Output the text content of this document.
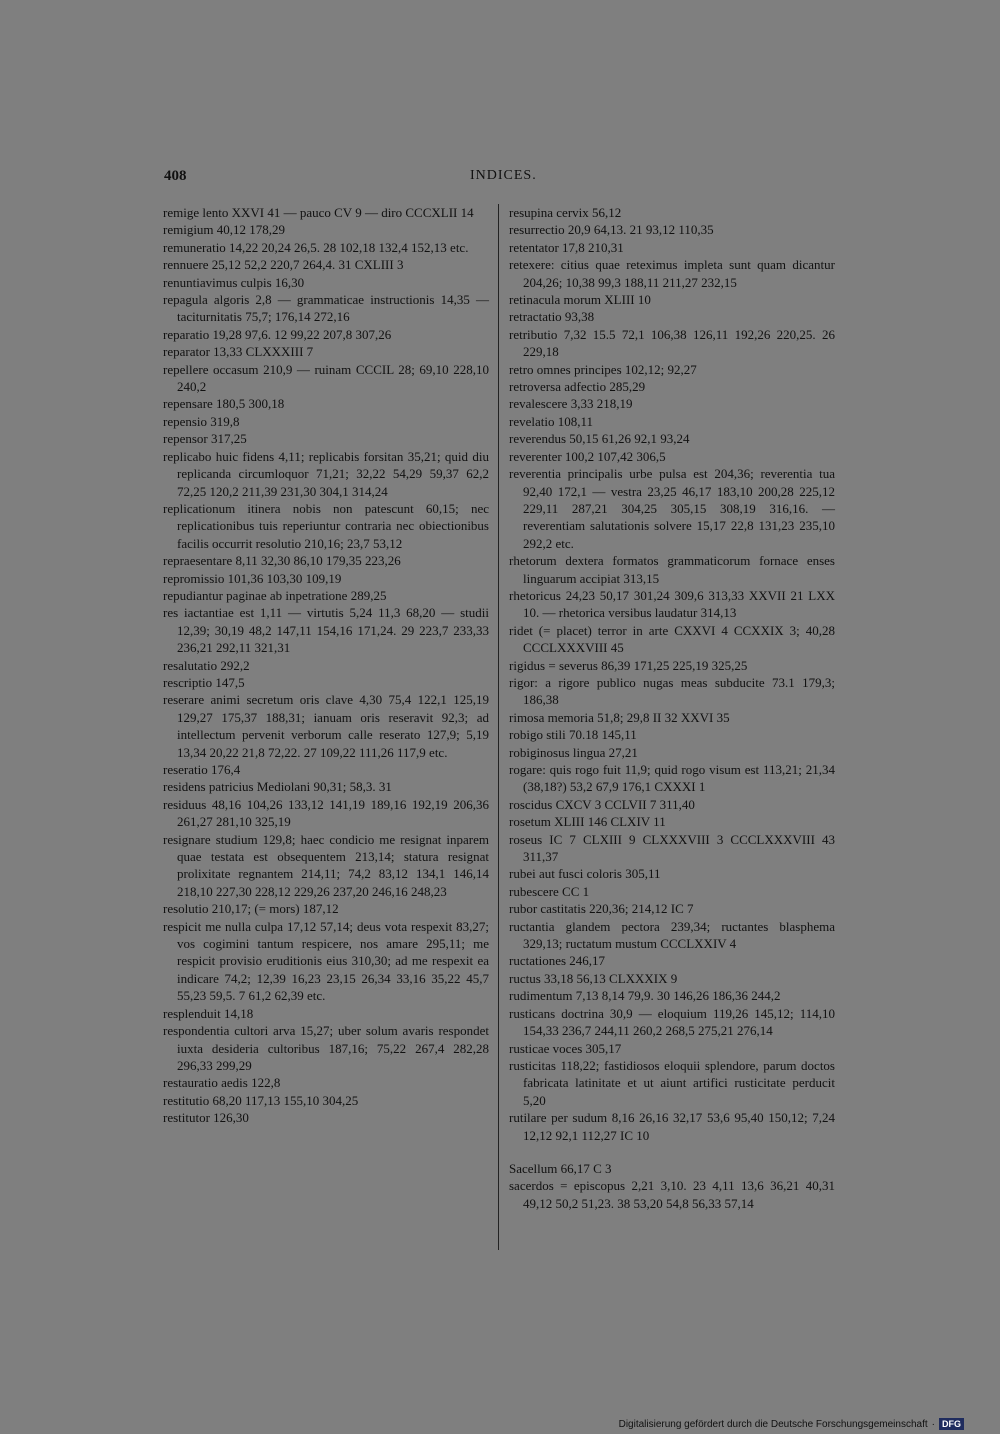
408	INDICES.
remige lento XXVI 41 — pauco CV 9 — diro CCCXLII 14
remigium 40,12 178,29
remuneratio 14,22 20,24 26,5. 28 102,18 132,4 152,13 etc.
rennuere 25,12 52,2 220,7 264,4. 31 CXLIII 3
renuntiavimus culpis 16,30
repagula algoris 2,8 — grammaticae instructionis 14,35 — taciturnitatis 75,7; 176,14 272,16
reparatio 19,28 97,6. 12 99,22 207,8 307,26
reparator 13,33 CLXXXIII 7
repellere occasum 210,9 — ruinam CCCIL 28; 69,10 228,10 240,2
repensare 180,5 300,18
repensio 319,8
repensor 317,25
replicabo huic fidens 4,11; replicabis forsitan 35,21; quid diu replicanda circumloquor 71,21; 32,22 54,29 59,37 62,2 72,25 120,2 211,39 231,30 304,1 314,24
replicationum itinera nobis non patescunt 60,15; nec replicationibus tuis reperiuntur contraria nec obiectionibus facilis occurrit resolutio 210,16; 23,7 53,12
repraesentare 8,11 32,30 86,10 179,35 223,26
repromissio 101,36 103,30 109,19
repudiantur paginae ab inpetratione 289,25
res iactantiae est 1,11 — virtutis 5,24 11,3 68,20 — studii 12,39; 30,19 48,2 147,11 154,16 171,24. 29 223,7 233,33 236,21 292,11 321,31
resalutatio 292,2
rescriptio 147,5
reserare animi secretum oris clave 4,30 75,4 122,1 125,19 129,27 175,37 188,31; ianuam oris reseravit 92,3; ad intellectum pervenit verborum calle reserato 127,9; 5,19 13,34 20,22 21,8 72,22. 27 109,22 111,26 117,9 etc.
reseratio 176,4
residens patricius Mediolani 90,31; 58,3. 31
residuus 48,16 104,26 133,12 141,19 189,16 192,19 206,36 261,27 281,10 325,19
resignare studium 129,8; haec condicio me resignat inparem quae testata est obsequentem 213,14; statura resignat prolixitate regnantem 214,11; 74,2 83,12 134,1 146,14 218,10 227,30 228,12 229,26 237,20 246,16 248,23
resolutio 210,17; (= mors) 187,12
respicit me nulla culpa 17,12 57,14; deus vota respexit 83,27; vos cogimini tantum respicere, nos amare 295,11; me respicit provisio eruditionis eius 310,30; ad me respexit ea indicare 74,2; 12,39 16,23 23,15 26,34 33,16 35,22 45,7 55,23 59,5. 7 61,2 62,39 etc.
resplenduit 14,18
respondentia cultori arva 15,27; uber solum avaris respondet iuxta desideria cultoribus 187,16; 75,22 267,4 282,28 296,33 299,29
restauratio aedis 122,8
restitutio 68,20 117,13 155,10 304,25
restitutor 126,30
resupina cervix 56,12
resurrectio 20,9 64,13. 21 93,12 110,35
retentator 17,8 210,31
retexere: citius quae reteximus impleta sunt quam dicantur 204,26; 10,38 99,3 188,11 211,27 232,15
retinacula morum XLIII 10
retractatio 93,38
retributio 7,32 15.5 72,1 106,38 126,11 192,26 220,25. 26 229,18
retro omnes principes 102,12; 92,27
retroversa adfectio 285,29
revalescere 3,33 218,19
revelatio 108,11
reverendus 50,15 61,26 92,1 93,24
reverenter 100,2 107,42 306,5
reverentia principalis urbe pulsa est 204,36; reverentia tua 92,40 172,1 — vestra 23,25 46,17 183,10 200,28 225,12 229,11 287,21 304,25 305,15 308,19 316,16. — reverentiam salutationis solvere 15,17 22,8 131,23 235,10 292,2 etc.
rhetorum dextera formatos grammaticorum fornace enses linguarum accipiat 313,15
rhetoricus 24,23 50,17 301,24 309,6 313,33 XXVII 21 LXX 10. — rhetorica versibus laudatur 314,13
ridet (= placet) terror in arte CXXVI 4 CCXXIX 3; 40,28 CCCLXXXVIII 45
rigidus = severus 86,39 171,25 225,19 325,25
rigor: a rigore publico nugas meas subducite 73.1 179,3; 186,38
rimosa memoria 51,8; 29,8 II 32 XXVI 35
robigo stili 70.18 145,11
robiginosus lingua 27,21
rogare: quis rogo fuit 11,9; quid rogo visum est 113,21; 21,34 (38,18?) 53,2 67,9 176,1 CXXXI 1
roscidus CXCV 3 CCLVII 7 311,40
rosetum XLIII 146 CLXIV 11
roseus IC 7 CLXIII 9 CLXXXVIII 3 CCCLXXXVIII 43 311,37
rubei aut fusci coloris 305,11
rubescere CC 1
rubor castitatis 220,36; 214,12 IC 7
ructantia glandem pectora 239,34; ructantes blasphema 329,13; ructatum mustum CCCLXXIV 4
ructationes 246,17
ructus 33,18 56,13 CLXXXIX 9
rudimentum 7,13 8,14 79,9. 30 146,26 186,36 244,2
rusticans doctrina 30,9 — eloquium 119,26 145,12; 114,10 154,33 236,7 244,11 260,2 268,5 275,21 276,14
rusticae voces 305,17
rusticitas 118,22; fastidiosos eloquii splendore, parum doctos fabricata latinitate et ut aiunt artifici rusticitate perducit 5,20
rutilare per sudum 8,16 26,16 32,17 53,6 95,40 150,12; 7,24 12,12 92,1 112,27 IC 10
Sacellum 66,17 C 3
sacerdos = episcopus 2,21 3,10. 23 4,11 13,6 36,21 40,31 49,12 50,2 51,23. 38 53,20 54,8 56,33 57,14
Digitalisierung gefördert durch die Deutsche Forschungsgemeinschaft · DFG
